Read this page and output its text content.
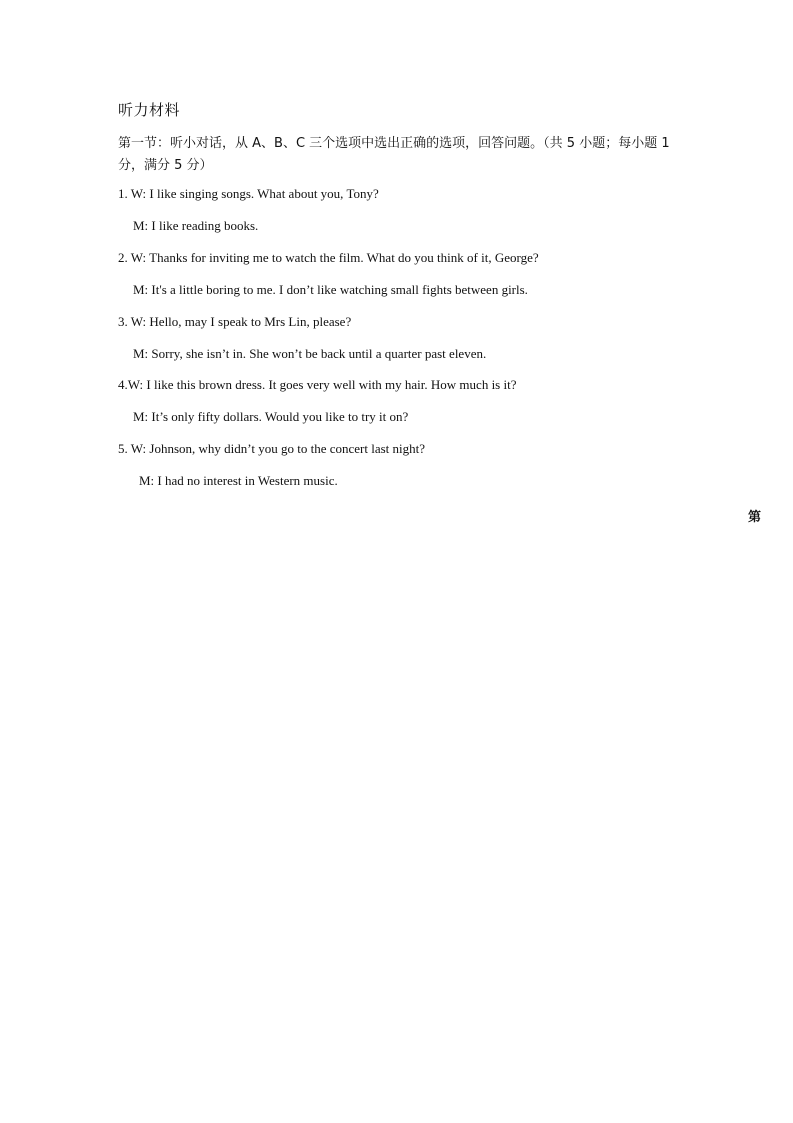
听力材料
第一节：听小对话，从 A、B、C 三个选项中选出正确的选项，回答问题。（共 5 小题；每小题 1 分，满分 5 分）
1. W: I like singing songs. What about you, Tony?
M: I like reading books.
2. W: Thanks for inviting me to watch the film. What do you think of it, George?
M: It's a little boring to me. I don’t like watching small fights between girls.
3. W: Hello, may I speak to Mrs Lin, please?
M: Sorry, she isn’t in. She won’t be back until a quarter past eleven.
4.W: I like this brown dress. It goes very well with my hair. How much is it?
M: It’s only fifty dollars. Would you like to try it on?
5. W: Johnson, why didn’t you go to the concert last night?
M: I had no interest in Western music.
第
